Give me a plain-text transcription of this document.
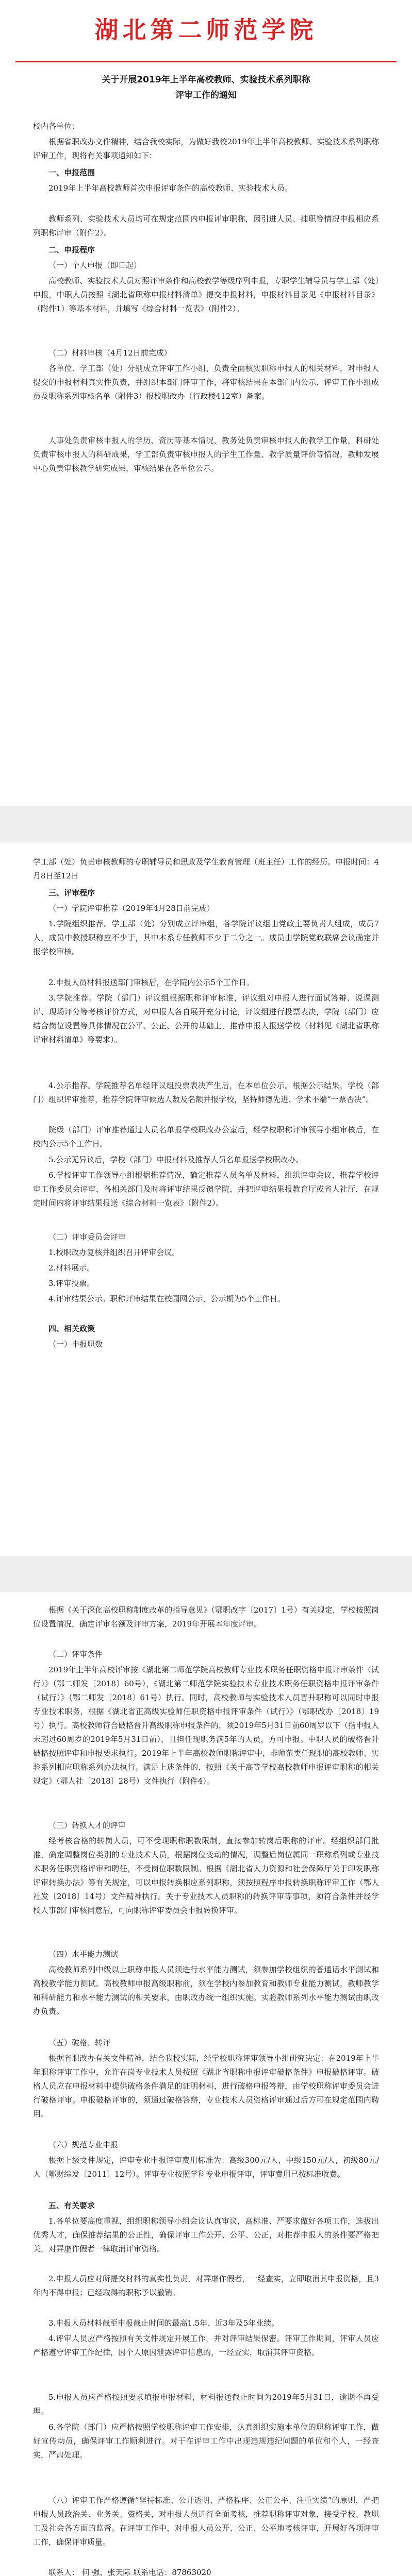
湖北第二师范学院
关于开展2019年上半年高校教师、实验技术系列职称
评审工作的通知

校内各单位：

根据省职改办文件精神，结合我校实际，为做好我校2019年上半年高校教师、实验技术系列职称评审工作，现将有关事项通知如下：

一、申报范围

2019年上半年高校教师首次申报评审条件的高校教师、实验技术人员。

教师系列、实验技术人员均可在规定范围内申报评审职称，因引进人员、挂职等情况申报相应系列职称评审（附件2）。

二、申报程序

（一）个人申报（即日起）

高校教师、实验技术人员对照评审条件和高校教学等级序列申报，专职学生辅导员与学工部（处）申报，中职人员按照《湖北省职称申报材料清单》提交申报材料，申报材料目录见《申报材料目录》（附件1）等基本材料，并填写《综合材料一览表》（附件2）。

（二）材料审核（4月12日前完成）

各单位、学工部（处）分别成立评审工作小组，负责全面核实职称申报人的相关材料，对申报人提交的申报材料真实性负责，并组织本部门评审工作，将审核结果在本部门内公示，评审工作小组成员及职称系列审核名单（附件3）报校职改办（行政楼412室）备案。

人事处负责审核申报人的学历、资历等基本情况，教务处负责审核申报人的教学工作量，科研处负责审核申报人的科研成果，学工部负责审核申报人的学生工作量、教学质量评价等情况，教师发展中心负责审核教学研究成果，审核结果在各单位公示。

学工部（处）负责审核教师的专职辅导员和思政及学生教育管理（班主任）工作的经历。申报时间：4月8日至12日

三、评审程序

（一）学院评审推荐（2019年4月28日前完成）

1.学院组织推荐。学工部（处）分别成立评审组，各学院评议组由党政主要负责人组成，成员7人，成员中教授职称应不少于，其中本系专任教师不少于二分之一。成员由学院党政联席会议确定并报学校审核。

2.申报人员材料报送部门审核后，在学院内公示5个工作日。

3.学院推荐。学院（部门）评议组根据职称评审标准，评议组对申报人进行面试答辩、说课测评、现场评分等考核评价方式，对申报人各自展开充分讨论，评议组进行投票表决，学院（部门）应结合岗位设置等具体情况在公平、公正、公开的基础上，推荐申报人报送学校（材料见《湖北省职称评审材料清单》等要求）。

4.公示推荐。学院推荐名单经评议组投票表决产生后，在本单位公示。根据公示结果，学校（部门）组织评审推荐，推荐学院评审候选人数及名额并报学校，坚持师德先进、学术不端“一票否决”。

院级（部门）评审推荐通过人员名单报学校职改办公室后，经学校职称评审领导小组审核后，在校内公示5个工作日。

5.公示无异议后，学校（部门）申报材料及推荐人员名单报送学校职改办。

6.学校评审工作领导小组根据推荐情况，确定推荐人员名单及材料，组织评审会议，推荐学校评审工作委员会评审，各相关部门及时将评审结果反馈学院，并把评审结果报教育厅或省人社厅，在规定时间内将评审结果报送《综合材料一览表》（附件2）。

（二）评审委员会评审

1.校职改办复核并组织召开评审会议。

2.材料展示。

3.评审投票。

4.评审结果公示。职称评审结果在校园网公示，公示期为5个工作日。

四、相关政策

（一）申报职数

根据《关于深化高校职称制度改革的指导意见》（鄂职改字〔2017〕1号）有关规定，学校按照岗位设置情况，确定评审名额及评审方案，2019年开展本年度评审。

（二）评审条件

2019年上半年高校评审按《湖北第二师范学院高校教师专业技术职务任职资格申报评审条件（试行）》（鄂二师发〔2018〕60号），《湖北第二师范学院实验技术专业技术职务任职资格申报评审条件（试行）》（鄂二师发〔2018〕61号）执行。同时，高校教师与实验技术人员晋升职称可以同时申报专业技术职务，根据《湖北省正高级实验师任职资格申报评审条件（试行）》（鄂职改办〔2018〕19号）执行。高校教师符合破格晋升高级职称申报条件的，须2019年5月31日前60周岁以下（指申报人未超过60周岁的2019年5月31日前），且担任现职务满5年的人员，方可申报。中职人员的破格晋升破格按照评审和申报要求执行。2019年上半年高校教师职称评审中，非师范类任现职的高校教师、实验系列相应职称系列办法执行。满足上述条件的，按照《关于高等学校高校教师申报评审职称的相关规定》（鄂人社〔2018〕28号）文件执行（附件4）。

（三）转换人才的评审

经考核合格的转岗人员，可不受现职称职数限制，直接参加转岗后职称的评审。经组织部门批准，确定调整岗位类别的专业技术人员，根据岗位变动的情况，调整后岗位属同一职称系列或专业技术职务任职资格评审和聘任，不受岗位职数限制。根据《湖北省人力资源和社会保障厅关于印发职称评审转换办法》等有关规定，可以申报转换相应系列职称，须按照程序申报转换职称评审工作（鄂人社发〔2018〕14号）文件精神执行。关于专业技术人员职称的转换评审等事项，须符合条件并经学校人事部门审核同意后，可向职称评审委员会申报转换评审。

（四）水平能力测试

高校教师系列中级以上职称申报人员须进行水平能力测试，须参加学校组织的普通话水平测试和高校教学能力测试。高校教师申报高级职称前，须在学校内参加教育和教师专业能力测试，教师教学和科研能力和水平能力测试的相关要求，由职改办统一组织实施。实验教师系列水平能力测试由职改办负责。

（五）破格、转评

根据省职改办有关文件精神，结合我校实际，经学校职称评审领导小组研究决定：在2019年上半年职称评审工作中，允许在岗专业技术人员按照《湖北省职称申报评审破格条件》申报破格评审。破格人员应在申报材料中提供破格条件满足的证明材料，进行破格申报答辩，由学校职称评审委员会进行破格评审。申报破格评审的，须通过破格答辩，专业技术人员资格评审通过后方可在规定范围内聘用。

（六）规范专业申报

根据上级文件规定，评审专业申报评审费用标准为：高级300元/人，中级150元/人，初级80元/人（鄂财综发〔2011〕12号）。评审专业按照学科专业申报评审，评审费用已按标准收费。

五、有关要求

1.各单位要高度重视，组织职称领导小组会议认真审议，高标准、严要求做好各项工作，选拔出优秀人才，确保推荐结果的公正性，确保评审工作公开、公平、公正，对推荐申报人的条件要严格把关，对弄虚作假者一律取消评审资格。

2.申报人员应对所提交材料的真实性负责，对弄虚作假者，一经查实，立即取消其申报资格，且3年内不得申报；已经取得的职称予以撤销。

3.申报人员材料截至申报截止时间的最高1.5年、近3年及5年业绩。

4.评审人员应严格按照有关文件规定开展工作，并对评审结果保密。评审工作期间，评审人员应严格遵守评审工作纪律，因个人原因泄露评审信息的，一经查实，取消其评审资格。

5.申报人员应严格按照要求填报申报材料，材料报送截止时间为2019年5月31日，逾期不再受理。

6.各学院（部门）应严格按照学校职称评审工作安排，认真组织实施本单位的职称评审工作，做好宣传动员，确保评审工作顺利进行。对于在评审工作中出现违规违纪问题的单位和个人，一经查实，严肃处理。

（八）评审工作严格遵循“坚持标准、公开透明、严格程序、公正公平、注重实绩”的原则，严把申报人员政治关、业务关、资格关，对申报人员进行全面考核，推荐职称评审对象，接受学校、教职工及社会各方面的监督。在评审工作中，对申报人员公开、公正、公平地考核评审，开展好各项评审工作，确保评审质量。

联系人： 何 强、张天际 联系电话：87863020
